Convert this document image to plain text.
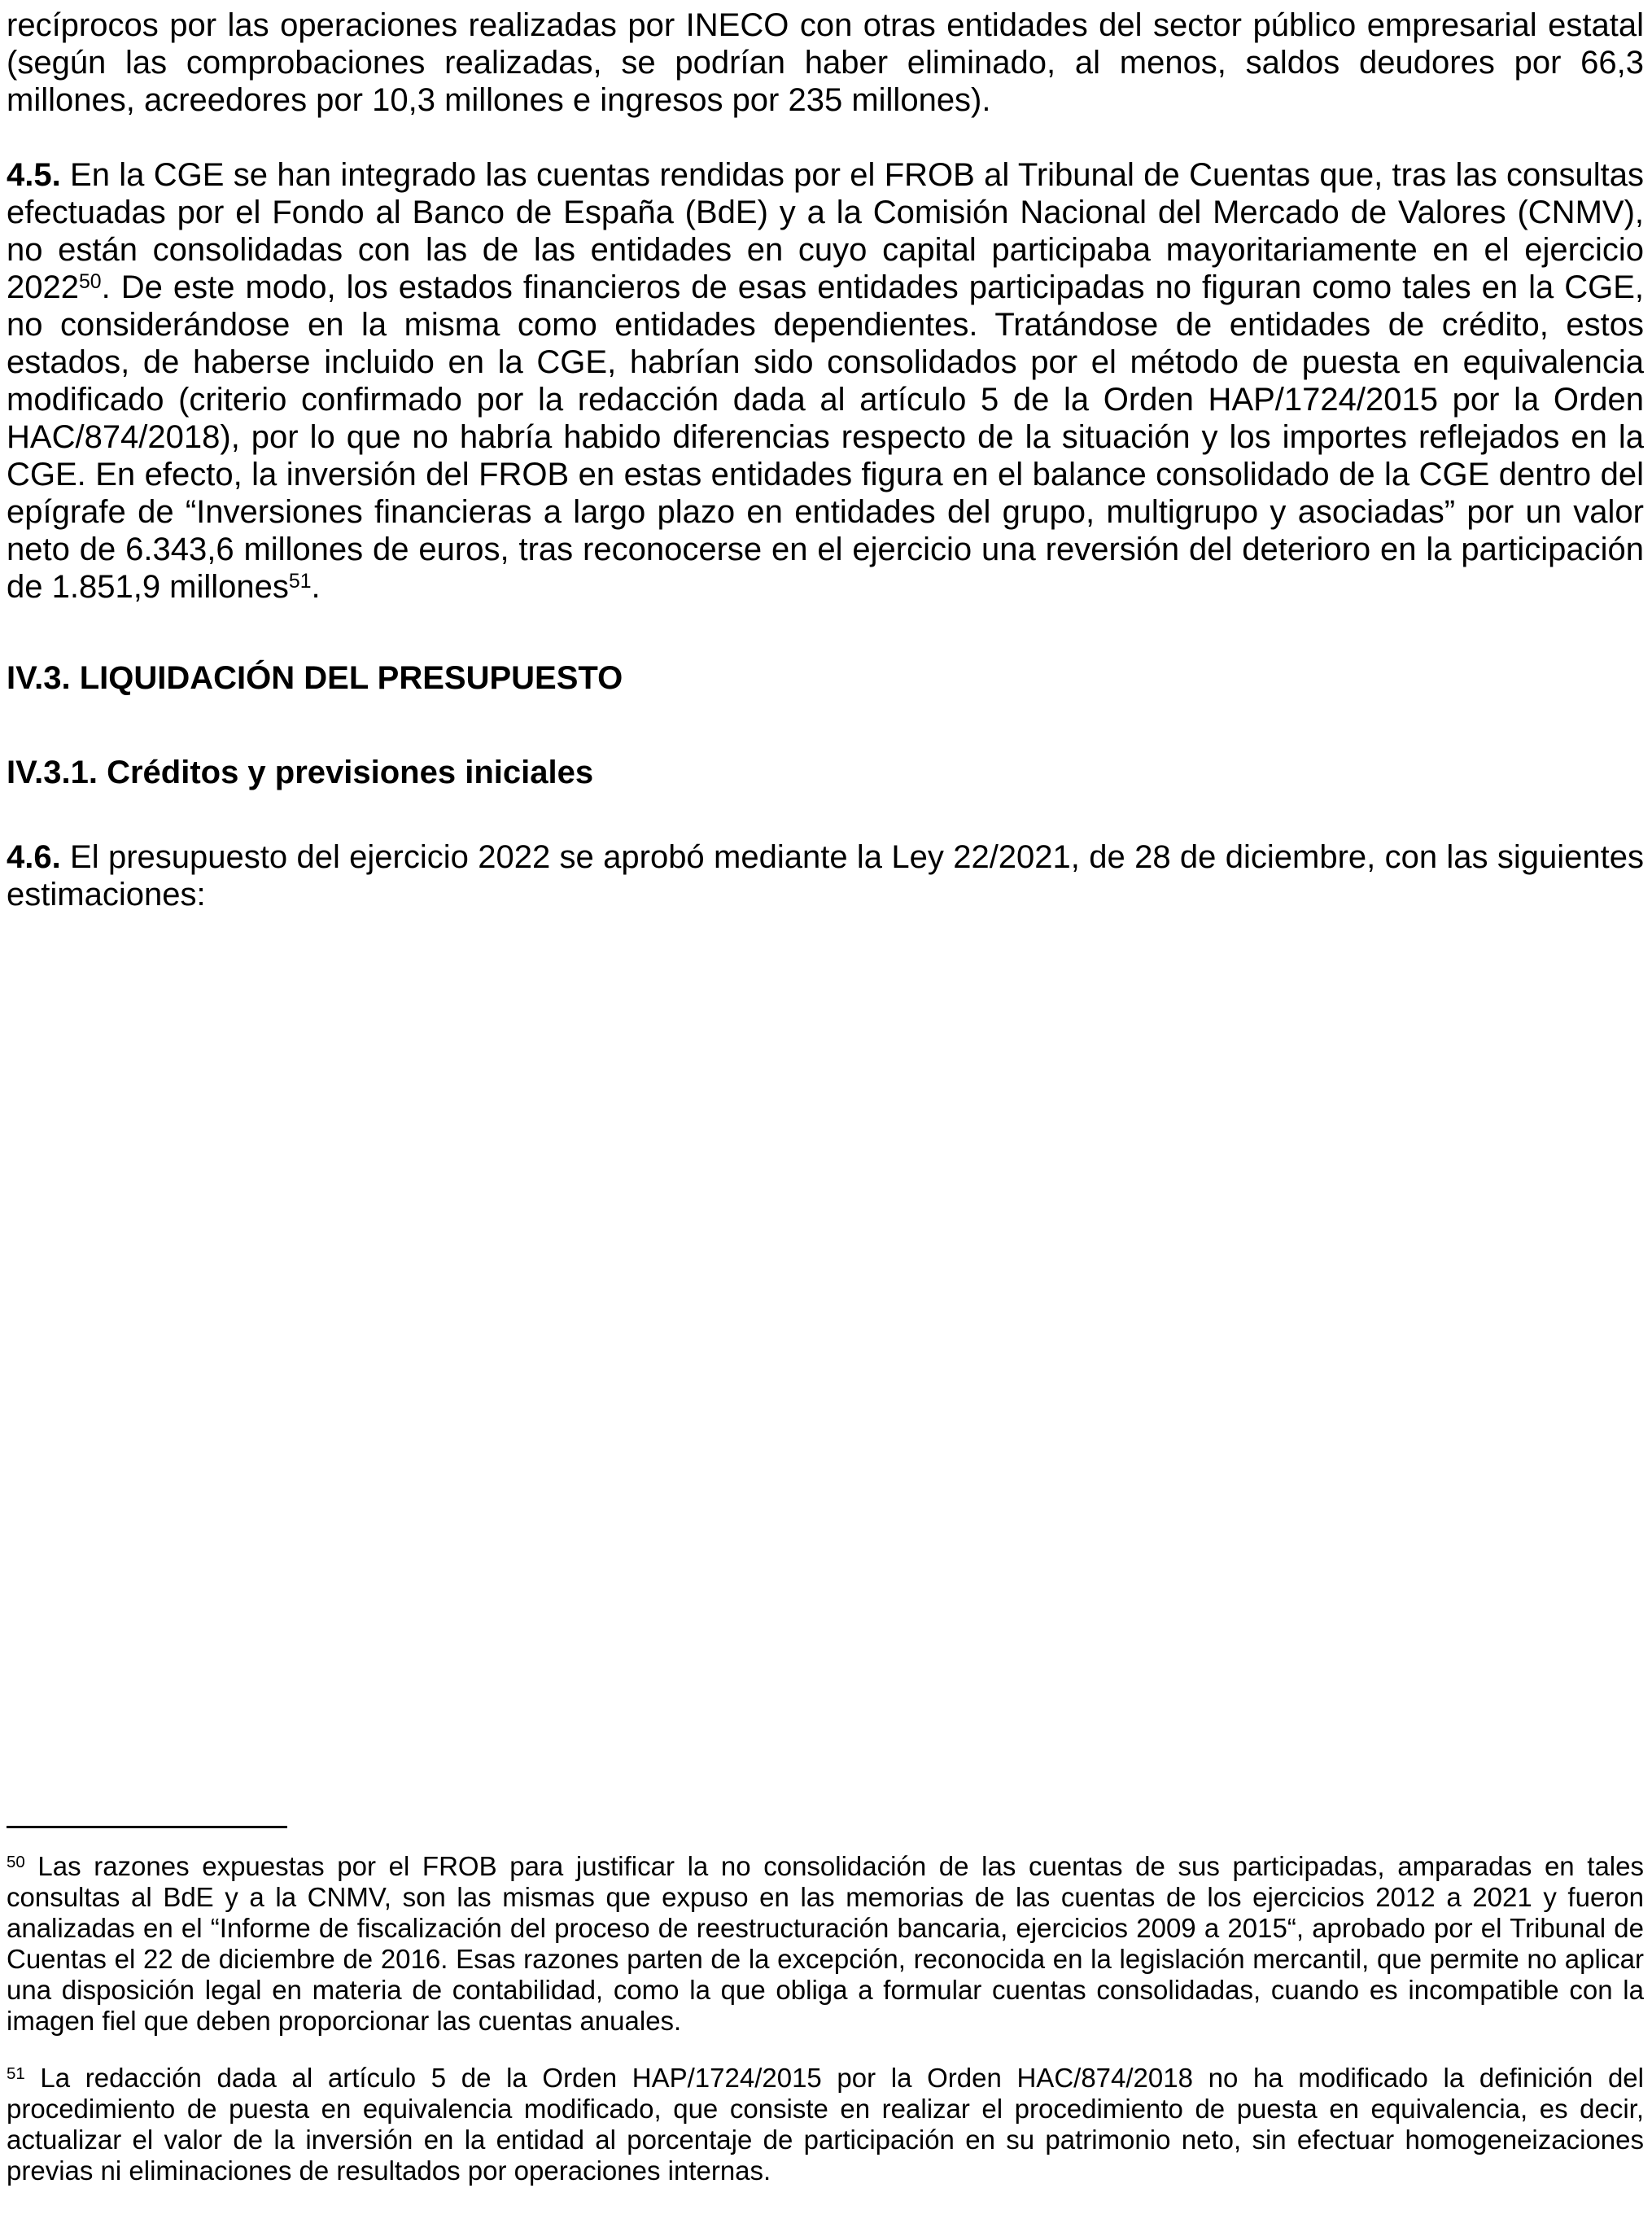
recíprocos por las operaciones realizadas por INECO con otras entidades del sector público empresarial estatal (según las comprobaciones realizadas, se podrían haber eliminado, al menos, saldos deudores por 66,3 millones, acreedores por 10,3 millones e ingresos por 235 millones).

4.5. En la CGE se han integrado las cuentas rendidas por el FROB al Tribunal de Cuentas que, tras las consultas efectuadas por el Fondo al Banco de España (BdE) y a la Comisión Nacional del Mercado de Valores (CNMV), no están consolidadas con las de las entidades en cuyo capital participaba mayoritariamente en el ejercicio 2022$^{50}$. De este modo, los estados financieros de esas entidades participadas no figuran como tales en la CGE, no considerándose en la misma como entidades dependientes. Tratándose de entidades de crédito, estos estados, de haberse incluido en la CGE, habrían sido consolidados por el método de puesta en equivalencia modificado (criterio confirmado por la redacción dada al artículo 5 de la Orden HAP/1724/2015 por la Orden HAC/874/2018), por lo que no habría habido diferencias respecto de la situación y los importes reflejados en la CGE. En efecto, la inversión del FROB en estas entidades figura en el balance consolidado de la CGE dentro del epígrafe de “Inversiones financieras a largo plazo en entidades del grupo, multigrupo y asociadas” por un valor neto de 6.343,6 millones de euros, tras reconocerse en el ejercicio una reversión del deterioro en la participación de 1.851,9 millones$^{51}$.

IV.3. LIQUIDACIÓN DEL PRESUPUESTO
IV.3.1. Créditos y previsiones iniciales

4.6. El presupuesto del ejercicio 2022 se aprobó mediante la Ley 22/2021, de 28 de diciembre, con las siguientes estimaciones:

$^{50}$ Las razones expuestas por el FROB para justificar la no consolidación de las cuentas de sus participadas, amparadas en tales consultas al BdE y a la CNMV, son las mismas que expuso en las memorias de las cuentas de los ejercicios 2012 a 2021 y fueron analizadas en el “Informe de fiscalización del proceso de reestructuración bancaria, ejercicios 2009 a 2015“, aprobado por el Tribunal de Cuentas el 22 de diciembre de 2016. Esas razones parten de la excepción, reconocida en la legislación mercantil, que permite no aplicar una disposición legal en materia de contabilidad, como la que obliga a formular cuentas consolidadas, cuando es incompatible con la imagen fiel que deben proporcionar las cuentas anuales.

$^{51}$ La redacción dada al artículo 5 de la Orden HAP/1724/2015 por la Orden HAC/874/2018 no ha modificado la definición del procedimiento de puesta en equivalencia modificado, que consiste en realizar el procedimiento de puesta en equivalencia, es decir, actualizar el valor de la inversión en la entidad al porcentaje de participación en su patrimonio neto, sin efectuar homogeneizaciones previas ni eliminaciones de resultados por operaciones internas.
